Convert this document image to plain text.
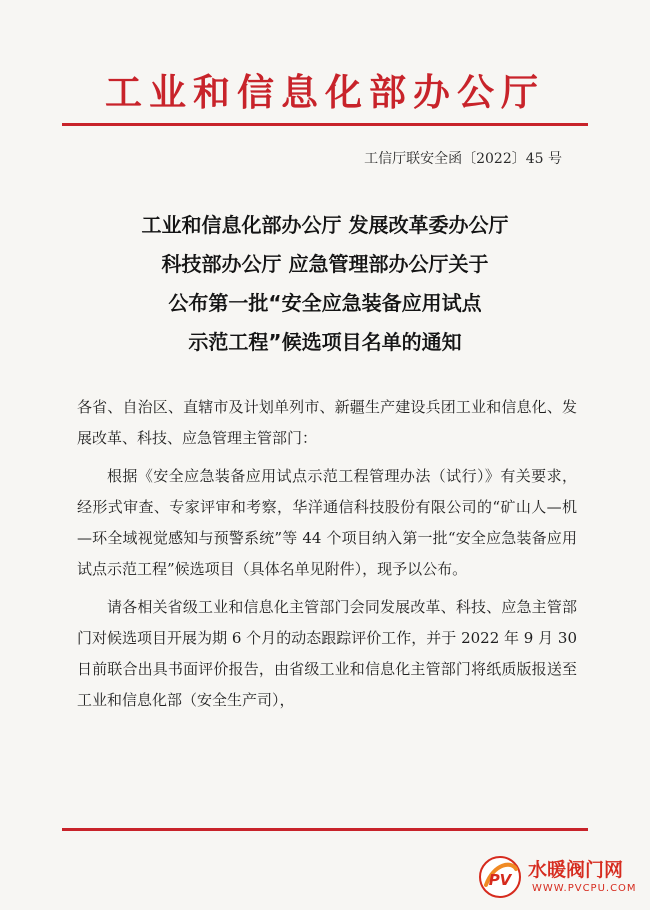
工业和信息化部办公厅
工信厅联安全函〔2022〕45 号
工业和信息化部办公厅 发展改革委办公厅
科技部办公厅 应急管理部办公厅关于
公布第一批“安全应急装备应用试点
示范工程”候选项目名单的通知

各省、自治区、直辖市及计划单列市、新疆生产建设兵团工业和信息化、发展改革、科技、应急管理主管部门：

根据《安全应急装备应用试点示范工程管理办法（试行）》有关要求，经形式审查、专家评审和考察，华洋通信科技股份有限公司的“矿山人—机—环全域视觉感知与预警系统”等 44 个项目纳入第一批“安全应急装备应用试点示范工程”候选项目（具体名单见附件），现予以公布。

请各相关省级工业和信息化主管部门会同发展改革、科技、应急主管部门对候选项目开展为期 6 个月的动态跟踪评价工作，并于 2022 年 9 月 30 日前联合出具书面评价报告，由省级工业和信息化主管部门将纸质版报送至工业和信息化部（安全生产司），

PV 水暖阀门网
WWW.PVCPU.COM
